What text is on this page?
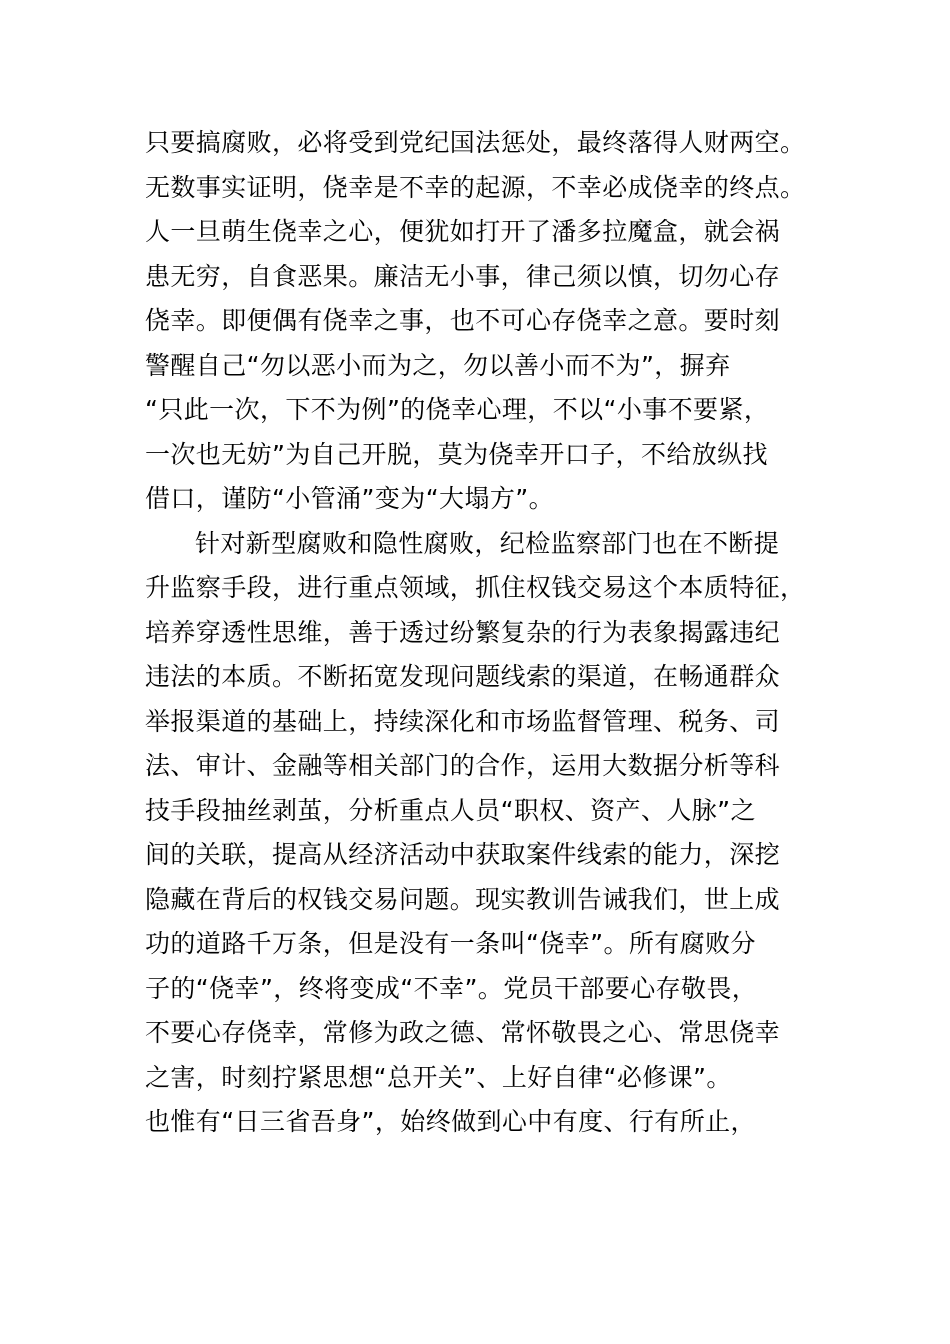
只要搞腐败，必将受到党纪国法惩处，最终落得人财两空。
无数事实证明，侥幸是不幸的起源，不幸必成侥幸的终点。
人一旦萌生侥幸之心，便犹如打开了潘多拉魔盒，就会祸
患无穷，自食恶果。廉洁无小事，律己须以慎，切勿心存
侥幸。即便偶有侥幸之事，也不可心存侥幸之意。要时刻
警醒自己“勿以恶小而为之，勿以善小而不为”，摒弃
“只此一次，下不为例”的侥幸心理，不以“小事不要紧，
一次也无妨”为自己开脱，莫为侥幸开口子，不给放纵找
借口，谨防“小管涌”变为“大塌方”。
针对新型腐败和隐性腐败，纪检监察部门也在不断提
升监察手段，进行重点领域，抓住权钱交易这个本质特征，
培养穿透性思维，善于透过纷繁复杂的行为表象揭露违纪
违法的本质。不断拓宽发现问题线索的渠道，在畅通群众
举报渠道的基础上，持续深化和市场监督管理、税务、司
法、审计、金融等相关部门的合作，运用大数据分析等科
技手段抽丝剥茧，分析重点人员“职权、资产、人脉”之
间的关联，提高从经济活动中获取案件线索的能力，深挖
隐藏在背后的权钱交易问题。现实教训告诫我们，世上成
功的道路千万条，但是没有一条叫“侥幸”。所有腐败分
子的“侥幸”，终将变成“不幸”。党员干部要心存敬畏，
不要心存侥幸，常修为政之德、常怀敬畏之心、常思侥幸
之害，时刻拧紧思想“总开关”、上好自律“必修课”。
也惟有“日三省吾身”，始终做到心中有度、行有所止，
